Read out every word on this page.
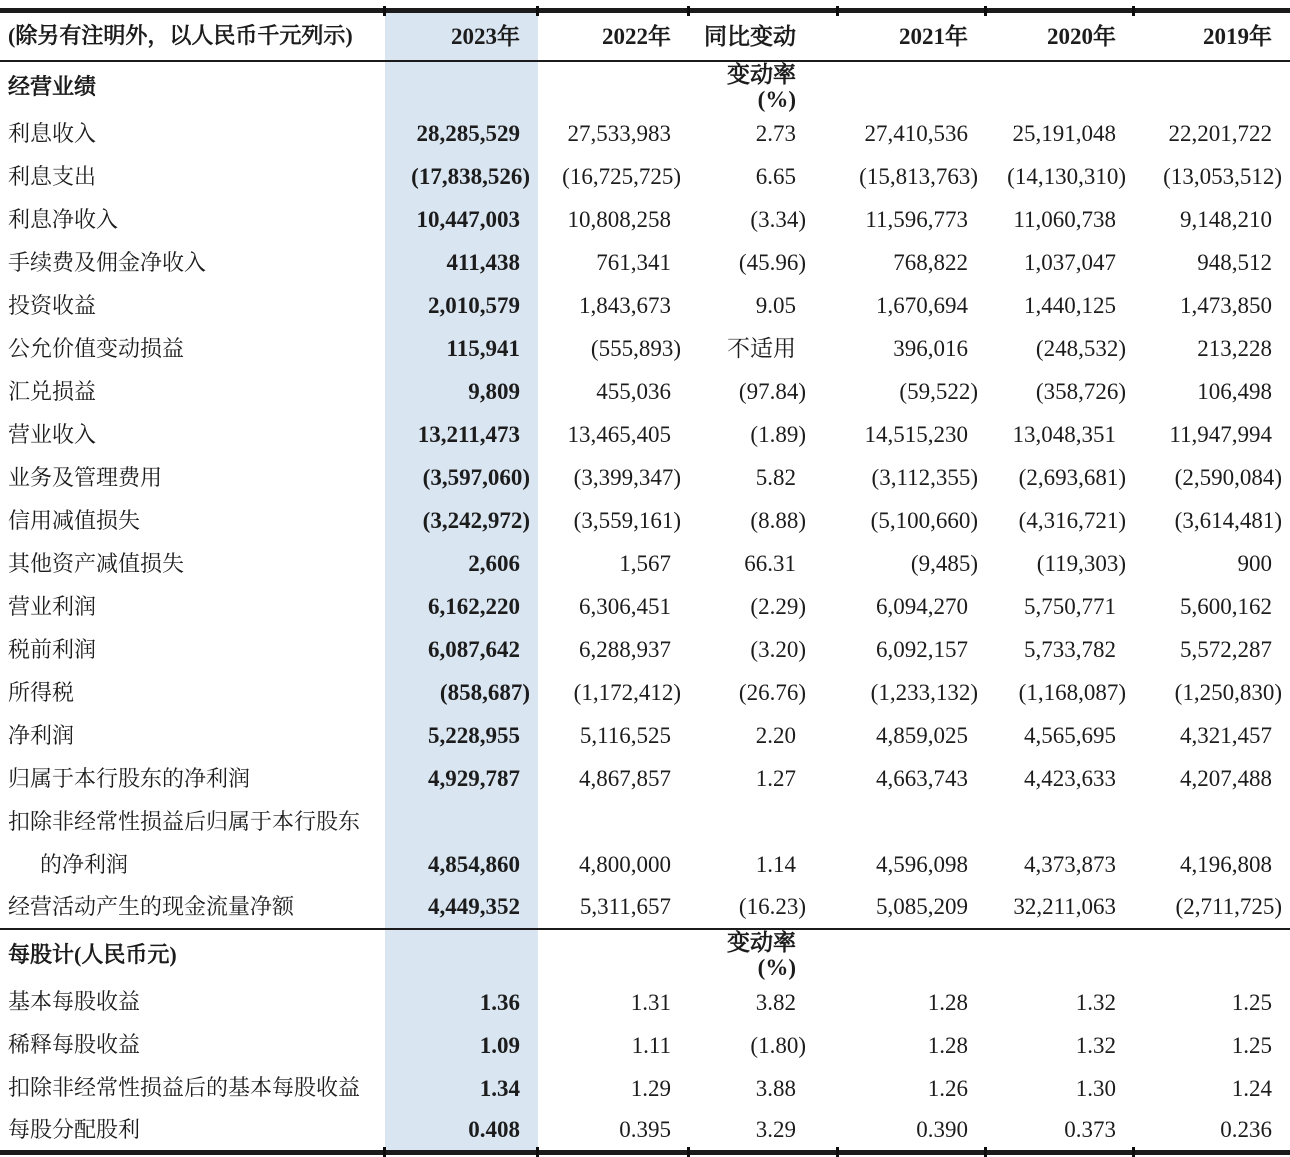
(除另有注明外，以人民币千元列示)	2023年	2022年	同比变动	2021年	2020年	2019年
经营业绩			变动率(%)			
利息收入	28,285,529	27,533,983	2.73	27,410,536	25,191,048	22,201,722
利息支出	(17,838,526)	(16,725,725)	6.65	(15,813,763)	(14,130,310)	(13,053,512)
利息净收入	10,447,003	10,808,258	(3.34)	11,596,773	11,060,738	9,148,210
手续费及佣金净收入	411,438	761,341	(45.96)	768,822	1,037,047	948,512
投资收益	2,010,579	1,843,673	9.05	1,670,694	1,440,125	1,473,850
公允价值变动损益	115,941	(555,893)	不适用	396,016	(248,532)	213,228
汇兑损益	9,809	455,036	(97.84)	(59,522)	(358,726)	106,498
营业收入	13,211,473	13,465,405	(1.89)	14,515,230	13,048,351	11,947,994
业务及管理费用	(3,597,060)	(3,399,347)	5.82	(3,112,355)	(2,693,681)	(2,590,084)
信用减值损失	(3,242,972)	(3,559,161)	(8.88)	(5,100,660)	(4,316,721)	(3,614,481)
其他资产减值损失	2,606	1,567	66.31	(9,485)	(119,303)	900
营业利润	6,162,220	6,306,451	(2.29)	6,094,270	5,750,771	5,600,162
税前利润	6,087,642	6,288,937	(3.20)	6,092,157	5,733,782	5,572,287
所得税	(858,687)	(1,172,412)	(26.76)	(1,233,132)	(1,168,087)	(1,250,830)
净利润	5,228,955	5,116,525	2.20	4,859,025	4,565,695	4,321,457
归属于本行股东的净利润	4,929,787	4,867,857	1.27	4,663,743	4,423,633	4,207,488
扣除非经常性损益后归属于本行股东						
的净利润	4,854,860	4,800,000	1.14	4,596,098	4,373,873	4,196,808
经营活动产生的现金流量净额	4,449,352	5,311,657	(16.23)	5,085,209	32,211,063	(2,711,725)
每股计(人民币元)			变动率(%)			
基本每股收益	1.36	1.31	3.82	1.28	1.32	1.25
稀释每股收益	1.09	1.11	(1.80)	1.28	1.32	1.25
扣除非经常性损益后的基本每股收益	1.34	1.29	3.88	1.26	1.30	1.24
每股分配股利	0.408	0.395	3.29	0.390	0.373	0.236
